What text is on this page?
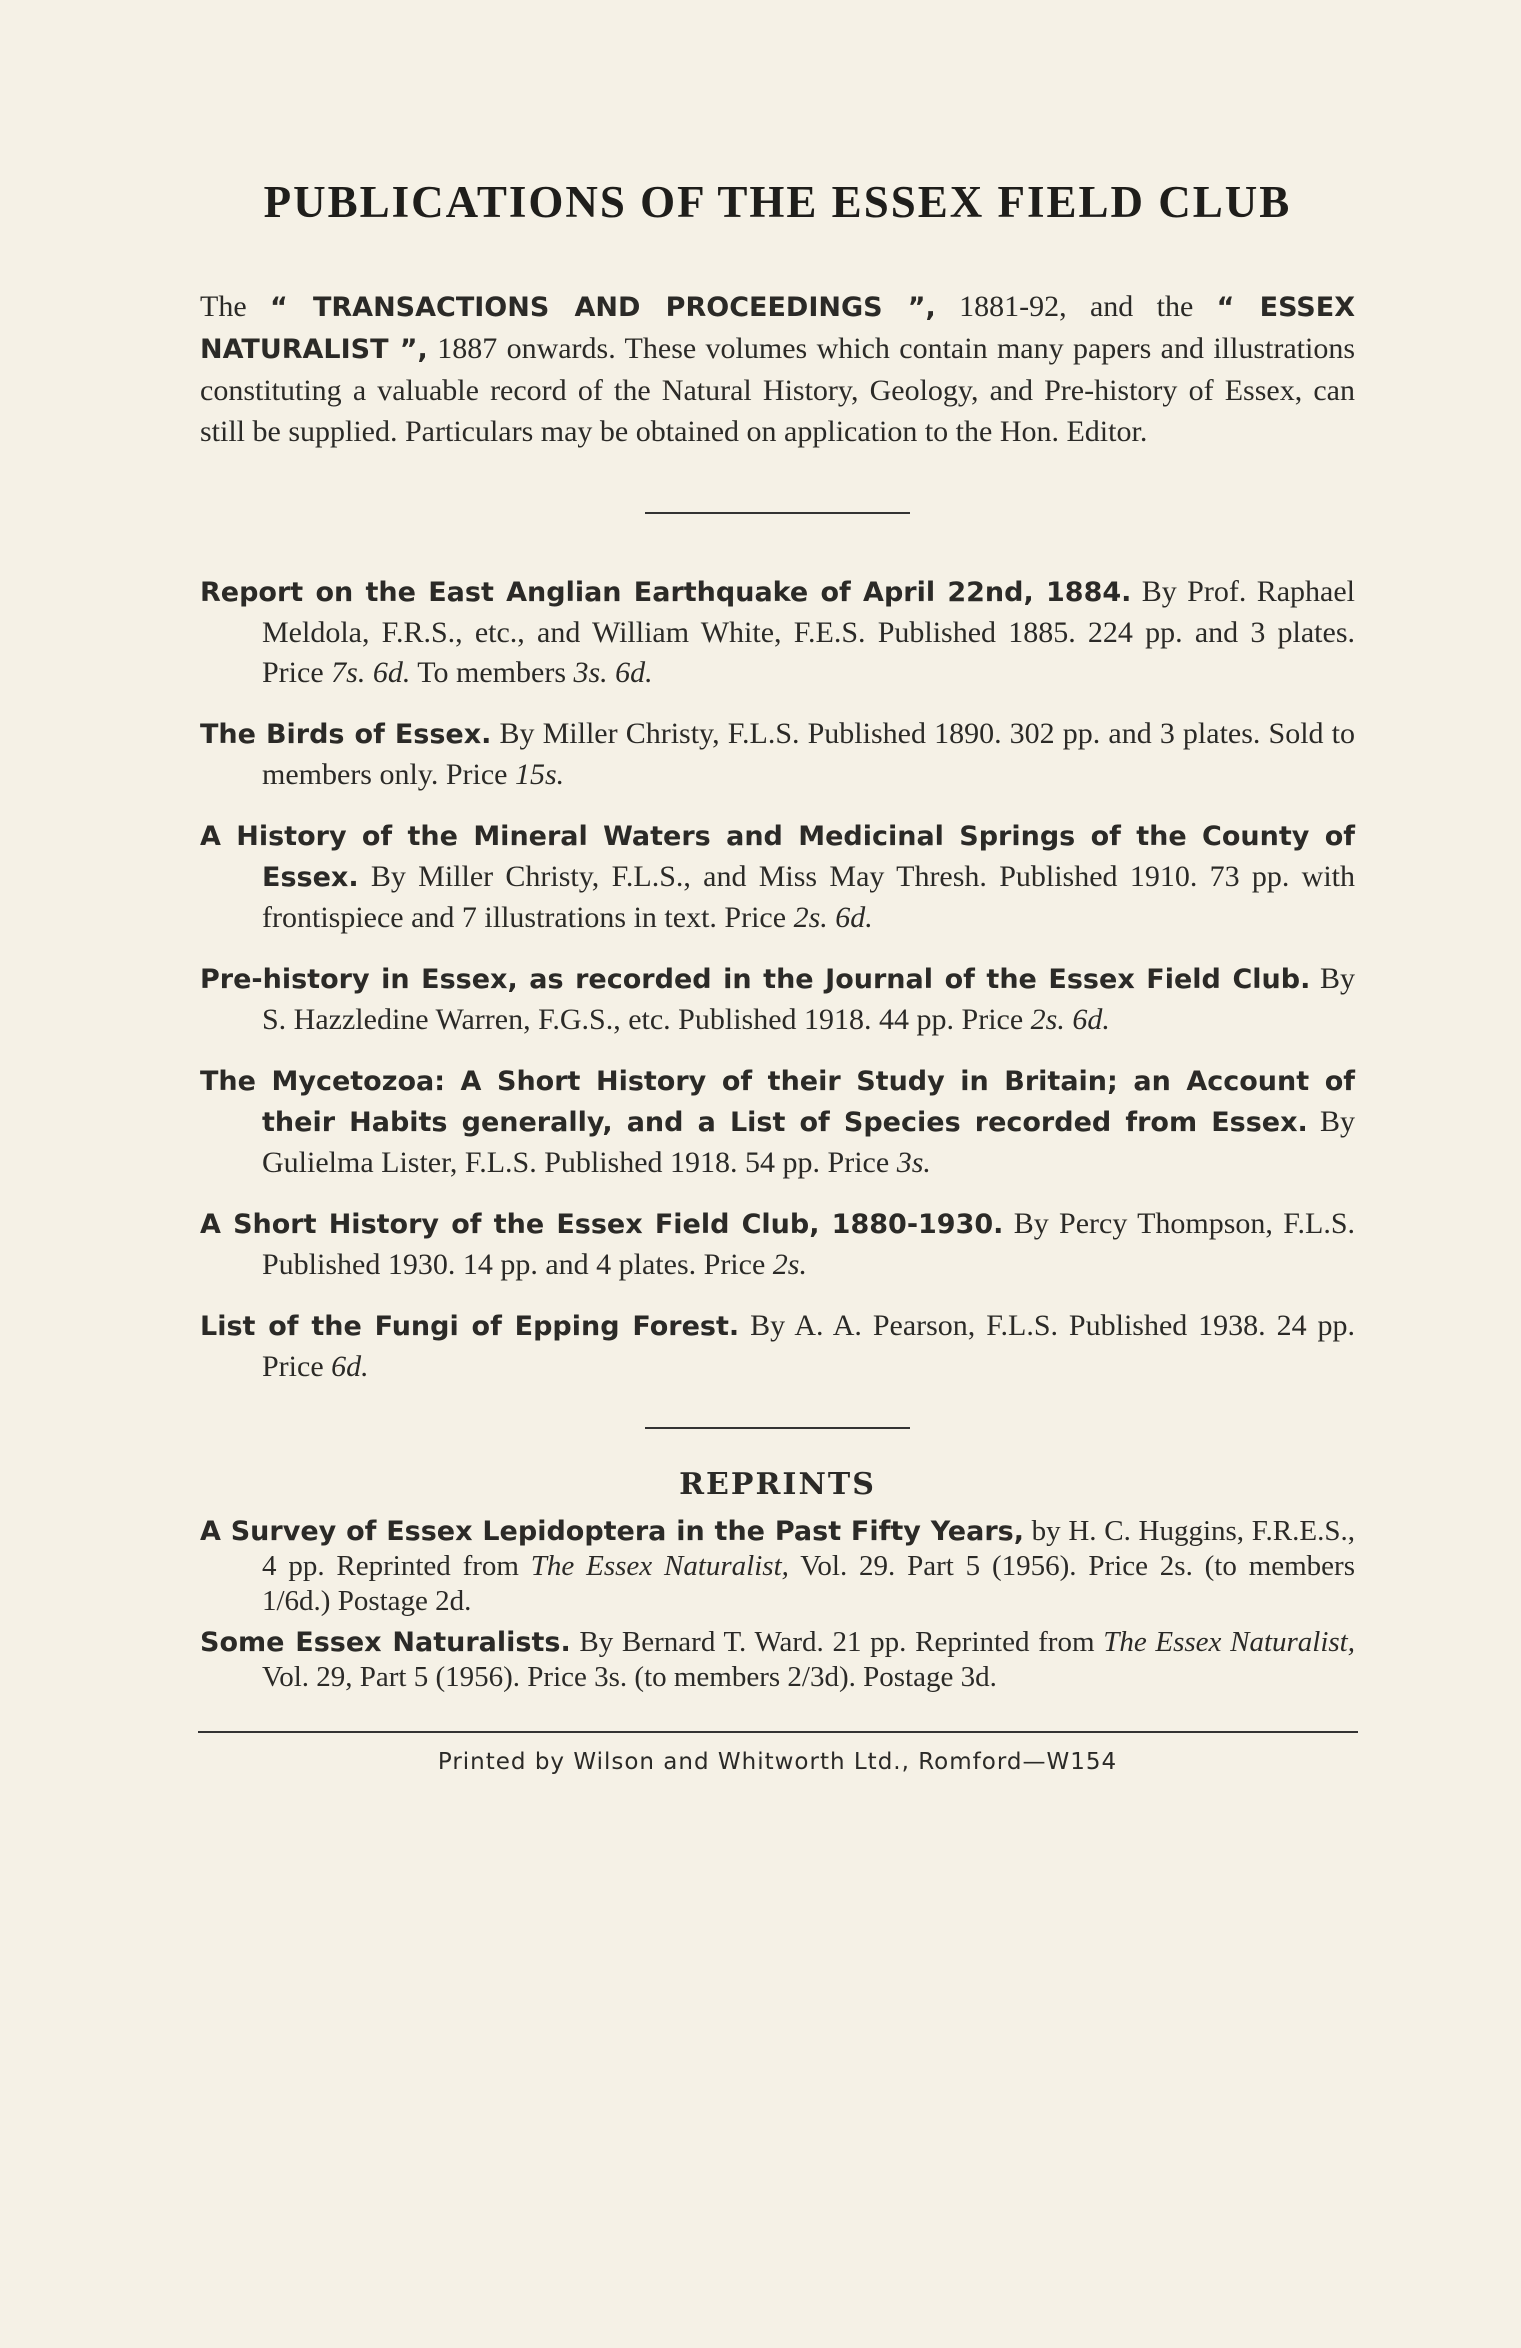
PUBLICATIONS OF THE ESSEX FIELD CLUB

The “ TRANSACTIONS AND PROCEEDINGS ”, 1881-92, and the “ ESSEX NATURALIST ”, 1887 onwards. These volumes which contain many papers and illustrations constituting a valuable record of the Natural History, Geology, and Pre-history of Essex, can still be supplied. Particulars may be obtained on application to the Hon. Editor.

Report on the East Anglian Earthquake of April 22nd, 1884. By Prof. Raphael Meldola, F.R.S., etc., and William White, F.E.S. Published 1885. 224 pp. and 3 plates. Price 7s. 6d. To members 3s. 6d.

The Birds of Essex. By Miller Christy, F.L.S. Published 1890. 302 pp. and 3 plates. Sold to members only. Price 15s.

A History of the Mineral Waters and Medicinal Springs of the County of Essex. By Miller Christy, F.L.S., and Miss May Thresh. Published 1910. 73 pp. with frontispiece and 7 illustrations in text. Price 2s. 6d.

Pre-history in Essex, as recorded in the Journal of the Essex Field Club. By S. Hazzledine Warren, F.G.S., etc. Published 1918. 44 pp. Price 2s. 6d.

The Mycetozoa: A Short History of their Study in Britain; an Account of their Habits generally, and a List of Species recorded from Essex. By Gulielma Lister, F.L.S. Published 1918. 54 pp. Price 3s.

A Short History of the Essex Field Club, 1880-1930. By Percy Thompson, F.L.S. Published 1930. 14 pp. and 4 plates. Price 2s.

List of the Fungi of Epping Forest. By A. A. Pearson, F.L.S. Published 1938. 24 pp. Price 6d.

REPRINTS

A Survey of Essex Lepidoptera in the Past Fifty Years, by H. C. Huggins, F.R.E.S., 4 pp. Reprinted from The Essex Naturalist, Vol. 29. Part 5 (1956). Price 2s. (to members 1/6d.) Postage 2d.

Some Essex Naturalists. By Bernard T. Ward. 21 pp. Reprinted from The Essex Naturalist, Vol. 29, Part 5 (1956). Price 3s. (to members 2/3d). Postage 3d.

Printed by Wilson and Whitworth Ltd., Romford—W154
